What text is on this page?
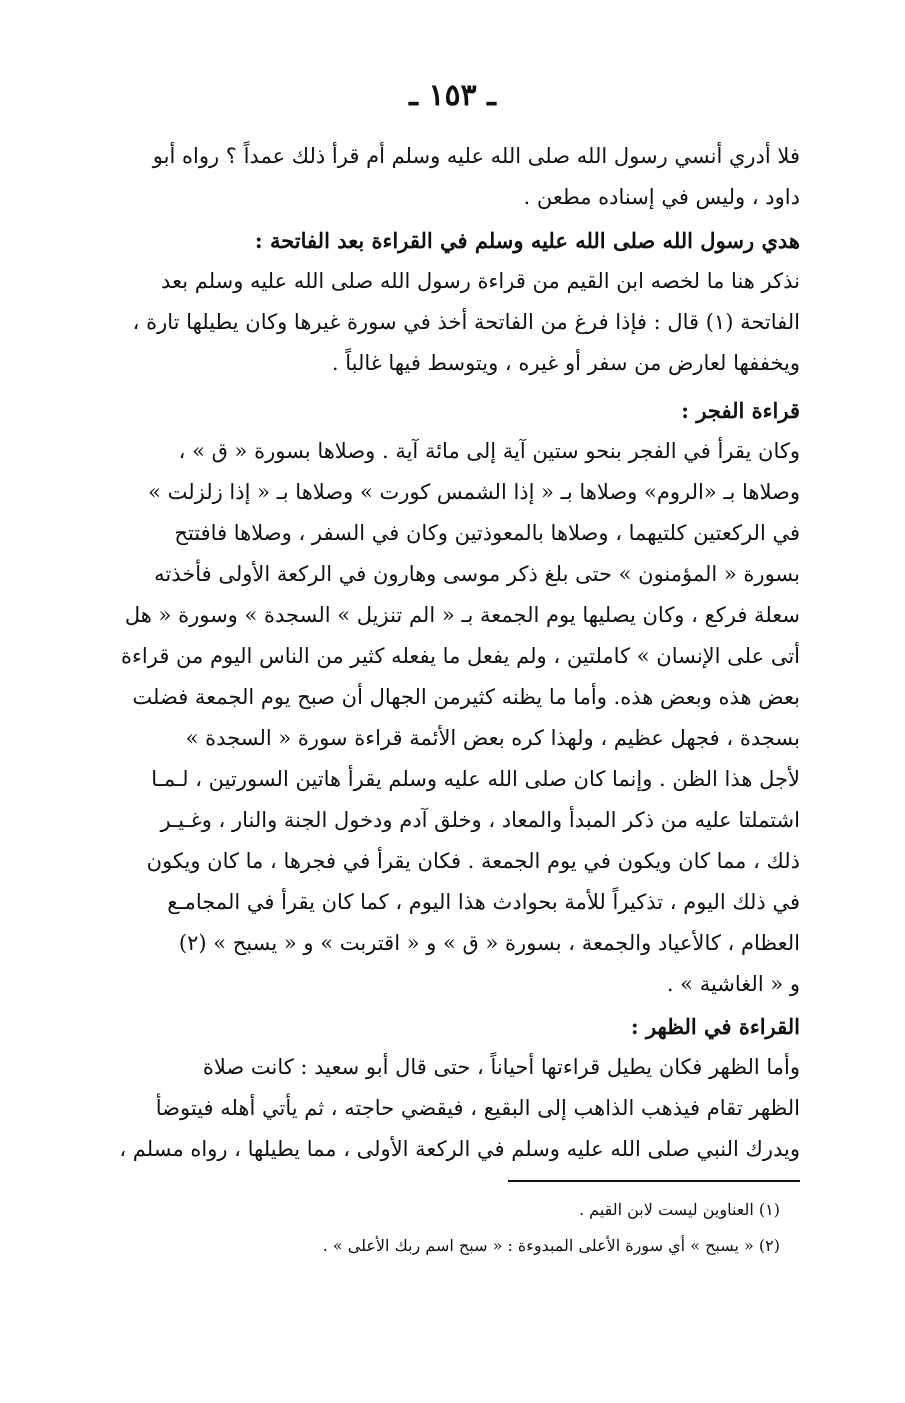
ـ ١٥٣ ـ
فلا أدري أنسي رسول الله صلى الله عليه وسلم أم قرأ ذلك عمداً ؟ رواه أبو
داود ، وليس في إسناده مطعن .
هدي رسول الله صلى الله عليه وسلم في القراءة بعد الفاتحة :
نذكر هنا ما لخصه ابن القيم من قراءة رسول الله صلى الله عليه وسلم بعد
الفاتحة (١) قال : فإذا فرغ من الفاتحة أخذ في سورة غيرها وكان يطيلها تارة ،
ويخففها لعارض من سفر أو غيره ، ويتوسط فيها غالباً .
قراءة الفجر :
وكان يقرأ في الفجر بنحو ستين آية إلى مائة آية . وصلاها بسورة « ق » ،
وصلاها بـ «الروم» وصلاها بـ « إذا الشمس كورت » وصلاها بـ « إذا زلزلت »
في الركعتين كلتيهما ، وصلاها بالمعوذتين وكان في السفر ، وصلاها فافتتح
بسورة « المؤمنون » حتى بلغ ذكر موسى وهارون في الركعة الأولى فأخذته
سعلة فركع ، وكان يصليها يوم الجمعة بـ « الم تنزيل » السجدة » وسورة « هل
أتى على الإنسان » كاملتين ، ولم يفعل ما يفعله كثير من الناس اليوم من قراءة
بعض هذه وبعض هذه. وأما ما يظنه كثيرمن الجهال أن صبح يوم الجمعة فضلت
بسجدة ، فجهل عظيم ، ولهذا كره بعض الأئمة قراءة سورة « السجدة »
لأجل هذا الظن . وإنما كان صلى الله عليه وسلم يقرأ هاتين السورتين ، لـمـا
اشتملتا عليه من ذكر المبدأ والمعاد ، وخلق آدم ودخول الجنة والنار ، وغـيـر
ذلك ، مما كان ويكون في يوم الجمعة . فكان يقرأ في فجرها ، ما كان ويكون
في ذلك اليوم ، تذكيراً للأمة بحوادث هذا اليوم ، كما كان يقرأ في المجامـع
العظام ، كالأعياد والجمعة ، بسورة « ق » و « اقتربت » و « يسبح » (٢)
و « الغاشية » .
القراءة في الظهر :
وأما الظهر فكان يطيل قراءتها أحياناً ، حتى قال أبو سعيد : كانت صلاة
الظهر تقام فيذهب الذاهب إلى البقيع ، فيقضي حاجته ، ثم يأتي أهله فيتوضأ
ويدرك النبي صلى الله عليه وسلم في الركعة الأولى ، مما يطيلها ، رواه مسلم ،
(١) العناوين ليست لابن القيم .
(٢) « يسبح » أي سورة الأعلى المبدوءة : « سبح اسم ربك الأعلى » .
